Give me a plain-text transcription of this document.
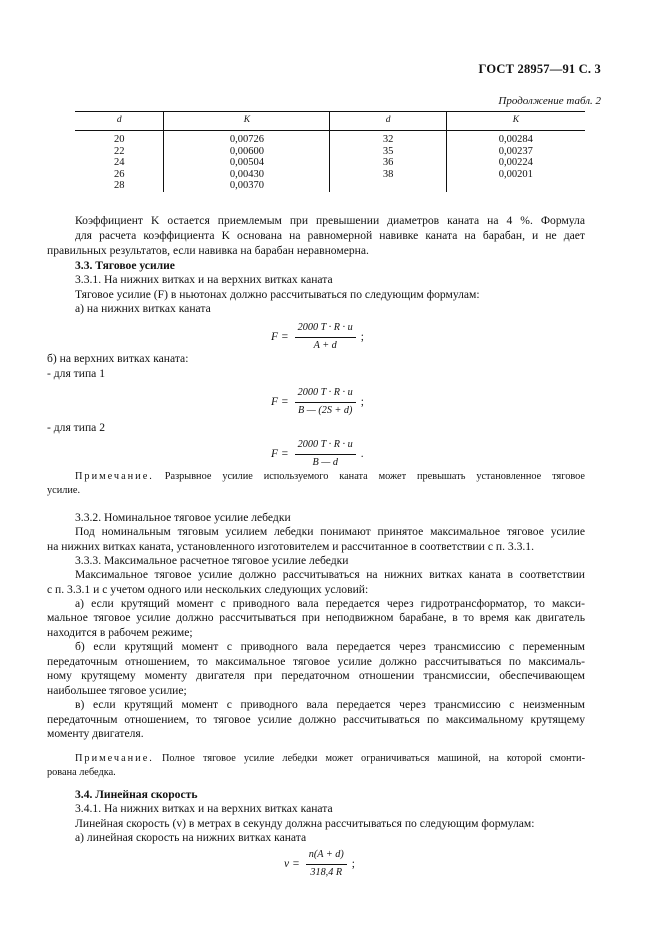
ГОСТ 28957—91 С. 3
Продолжение табл. 2
d	K	d	K
20	0,00726	32	0,00284
22	0,00600	35	0,00237
24	0,00504	36	0,00224
26	0,00430	38	0,00201
28	0,00370		
Коэффициент K остается приемлемым при превышении диаметров каната на 4 %. Формула
для расчета коэффициента K основана на равномерной навивке каната на барабан, и не дает
правильных результатов, если навивка на барабан неравномерна.
3.3. Тяговое усилие
3.3.1. На нижних витках и на верхних витках каната
Тяговое усилие (F) в ньютонах должно рассчитываться по следующим формулам:
а) на нижних витках каната
$F = \frac{2000 T \cdot R \cdot u}{A + d}$ ;
б) на верхних витках каната:
- для типа 1
$F = \frac{2000 T \cdot R \cdot u}{B — (2S + d)}$ ;
- для типа 2
$F = \frac{2000 T \cdot R \cdot u}{B — d}$ .
Примечание. Разрывное усилие используемого каната может превышать установленное тяговое
усилие.
3.3.2. Номинальное тяговое усилие лебедки
Под номинальным тяговым усилием лебедки понимают принятое максимальное тяговое усилие
на нижних витках каната, установленного изготовителем и рассчитанное в соответствии с п. 3.3.1.
3.3.3. Максимальное расчетное тяговое усилие лебедки
Максимальное тяговое усилие должно рассчитываться на нижних витках каната в соответствии
с п. 3.3.1 и с учетом одного или нескольких следующих условий:
а) если крутящий момент с приводного вала передается через гидротрансформатор, то макси-
мальное тяговое усилие должно рассчитываться при неподвижном барабане, в то время как двигатель
находится в рабочем режиме;
б) если крутящий момент с приводного вала передается через трансмиссию с переменным
передаточным отношением, то максимальное тяговое усилие должно рассчитываться по максималь-
ному крутящему моменту двигателя при передаточном отношении трансмиссии, обеспечивающем
наибольшее тяговое усилие;
в) если крутящий момент с приводного вала передается через трансмиссию с неизменным
передаточным отношением, то тяговое усилие должно рассчитываться по максимальному крутящему
моменту двигателя.
Примечание. Полное тяговое усилие лебедки может ограничиваться машиной, на которой смонти-
рована лебедка.
3.4. Линейная скорость
3.4.1. На нижних витках и на верхних витках каната
Линейная скорость (v) в метрах в секунду должна рассчитываться по следующим формулам:
а) линейная скорость на нижних витках каната
$v = \frac{n(A + d)}{318,4 R}$ ;
